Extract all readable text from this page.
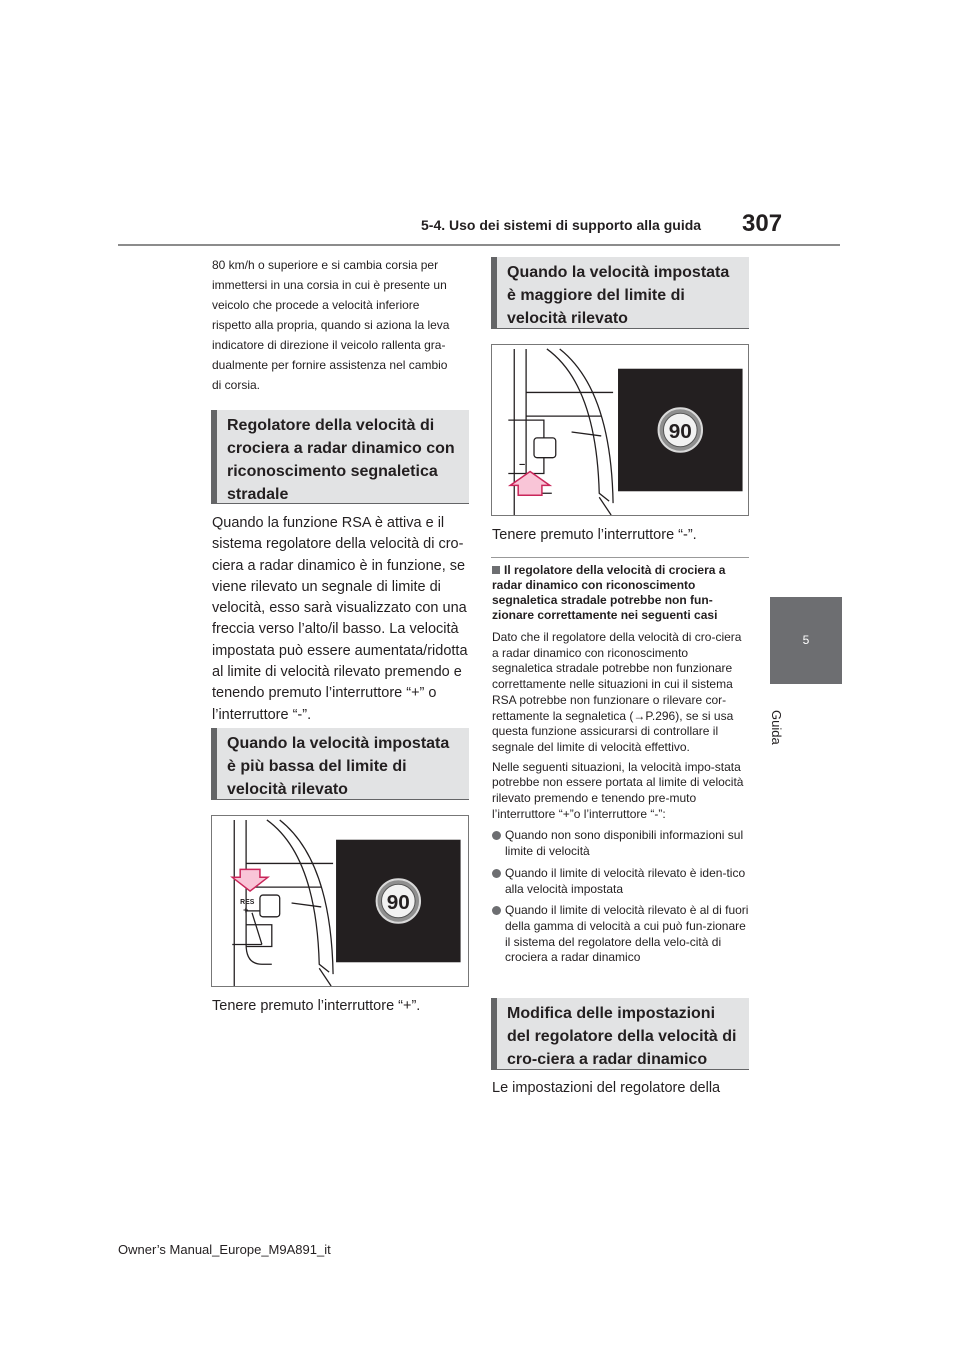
5-4. Uso dei sistemi di supporto alla guida 307
5
Guida

80 km/h o superiore e si cambia corsia per

immettersi in una corsia in cui è presente un

veicolo che procede a velocità inferiore

rispetto alla propria, quando si aziona la leva

indicatore di direzione il veicolo rallenta gra-

dualmente per fornire assistenza nel cambio

di corsia.

Regolatore della velocità di crociera a radar dinamico con riconoscimento segnaletica stradale

Quando la funzione RSA è attiva e il

sistema regolatore della velocità di cro-

ciera a radar dinamico è in funzione, se

viene rilevato un segnale di limite di

velocità, esso sarà visualizzato con una

freccia verso l’alto/il basso. La velocità

impostata può essere aumentata/ridotta

al limite di velocità rilevato premendo e

tenendo premuto l’interruttore “+” o

l’interruttore “-”.

Quando la velocità impostata è più bassa del limite di velocità rilevato
RES
+	90
Tenere premuto l’interruttore “+”.
Quando la velocità impostata è maggiore del limite di velocità rilevato
–
90
Tenere premuto l’interruttore “-”.
Il regolatore della velocità di crociera a radar dinamico con riconoscimento segnaletica stradale potrebbe non fun-zionare correttamente nei seguenti casi

Dato che il regolatore della velocità di cro-ciera a radar dinamico con riconoscimento segnaletica stradale potrebbe non funzionare correttamente nelle situazioni in cui il sistema RSA potrebbe non funzionare o rilevare cor-rettamente la segnaletica (→P.296), se si usa questa funzione assicurarsi di controllare il segnale del limite di velocità effettivo.

Nelle seguenti situazioni, la velocità impo-stata potrebbe non essere portata al limite di velocità rilevato premendo e tenendo pre-muto l’interruttore “+”o l’interruttore “-”:

Quando non sono disponibili informazioni sul limite di velocità
Quando il limite di velocità rilevato è iden-tico alla velocità impostata
Quando il limite di velocità rilevato è al di fuori della gamma di velocità a cui può fun-zionare il sistema del regolatore della velo-cità di crociera a radar dinamico
Modifica delle impostazioni del regolatore della velocità di cro-ciera a radar dinamico
Le impostazioni del regolatore della
Owner’s Manual_Europe_M9A891_it
